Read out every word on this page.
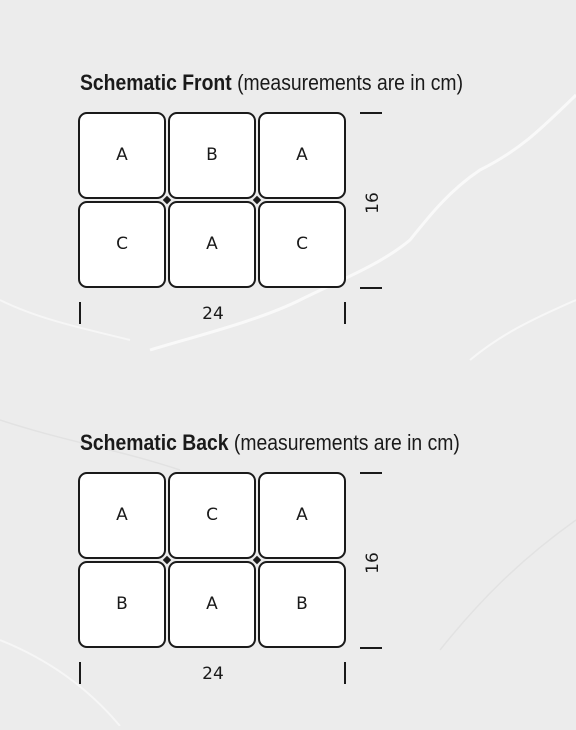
Schematic Front (measurements are in cm)
A	B	A
C	A	C
16
24
Schematic Back (measurements are in cm)
A	C	A
B	A	B
16
24
